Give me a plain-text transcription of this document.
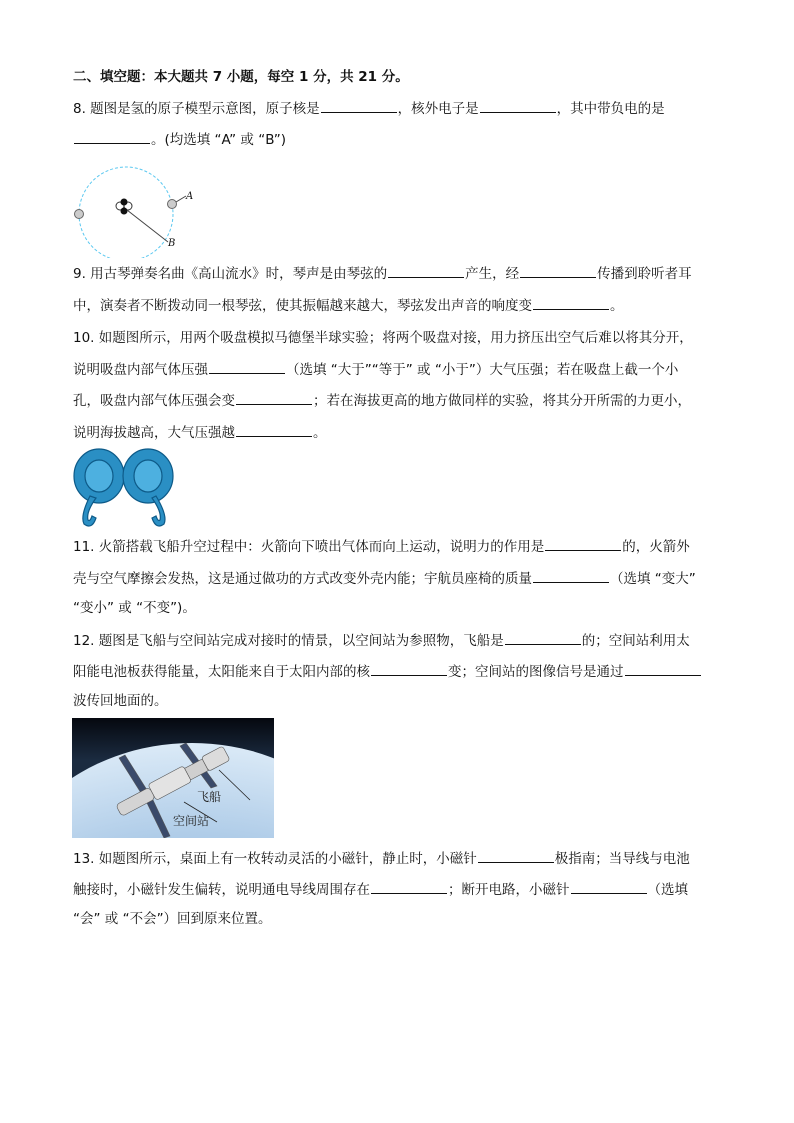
二、填空题：本大题共 7 小题，每空 1 分，共 21 分。
8. 题图是氢的原子模型示意图，原子核是	，核外电子是	，其中带负电的是
。(均选填 “A” 或 “B”)
9. 用古琴弹奏名曲《高山流水》时，琴声是由琴弦的	产生，经	传播到聆听者耳
中，演奏者不断拨动同一根琴弦，使其振幅越来越大，琴弦发出声音的响度变	。
10. 如题图所示，用两个吸盘模拟马德堡半球实验；将两个吸盘对接，用力挤压出空气后难以将其分开，
说明吸盘内部气体压强	（选填 “大于”“等于” 或 “小于”）大气压强；若在吸盘上截一个小
孔，吸盘内部气体压强会变	；若在海拔更高的地方做同样的实验，将其分开所需的力更小，
说明海拔越高，大气压强越	。
11. 火箭搭载飞船升空过程中：火箭向下喷出气体而向上运动，说明力的作用是	的，火箭外
壳与空气摩擦会发热，这是通过做功的方式改变外壳内能；宇航员座椅的质量	（选填 “变大”
“变小” 或 “不变”)。
12. 题图是飞船与空间站完成对接时的情景，以空间站为参照物，飞船是	的；空间站利用太
阳能电池板获得能量，太阳能来自于太阳内部的核	变；空间站的图像信号是通过
波传回地面的。
13. 如题图所示，桌面上有一枚转动灵活的小磁针，静止时，小磁针	极指南；当导线与电池
触接时，小磁针发生偏转，说明通电导线周围存在	；断开电路，小磁针	（选填
“会” 或 “不会”）回到原来位置。
A
B
飞船
空间站
